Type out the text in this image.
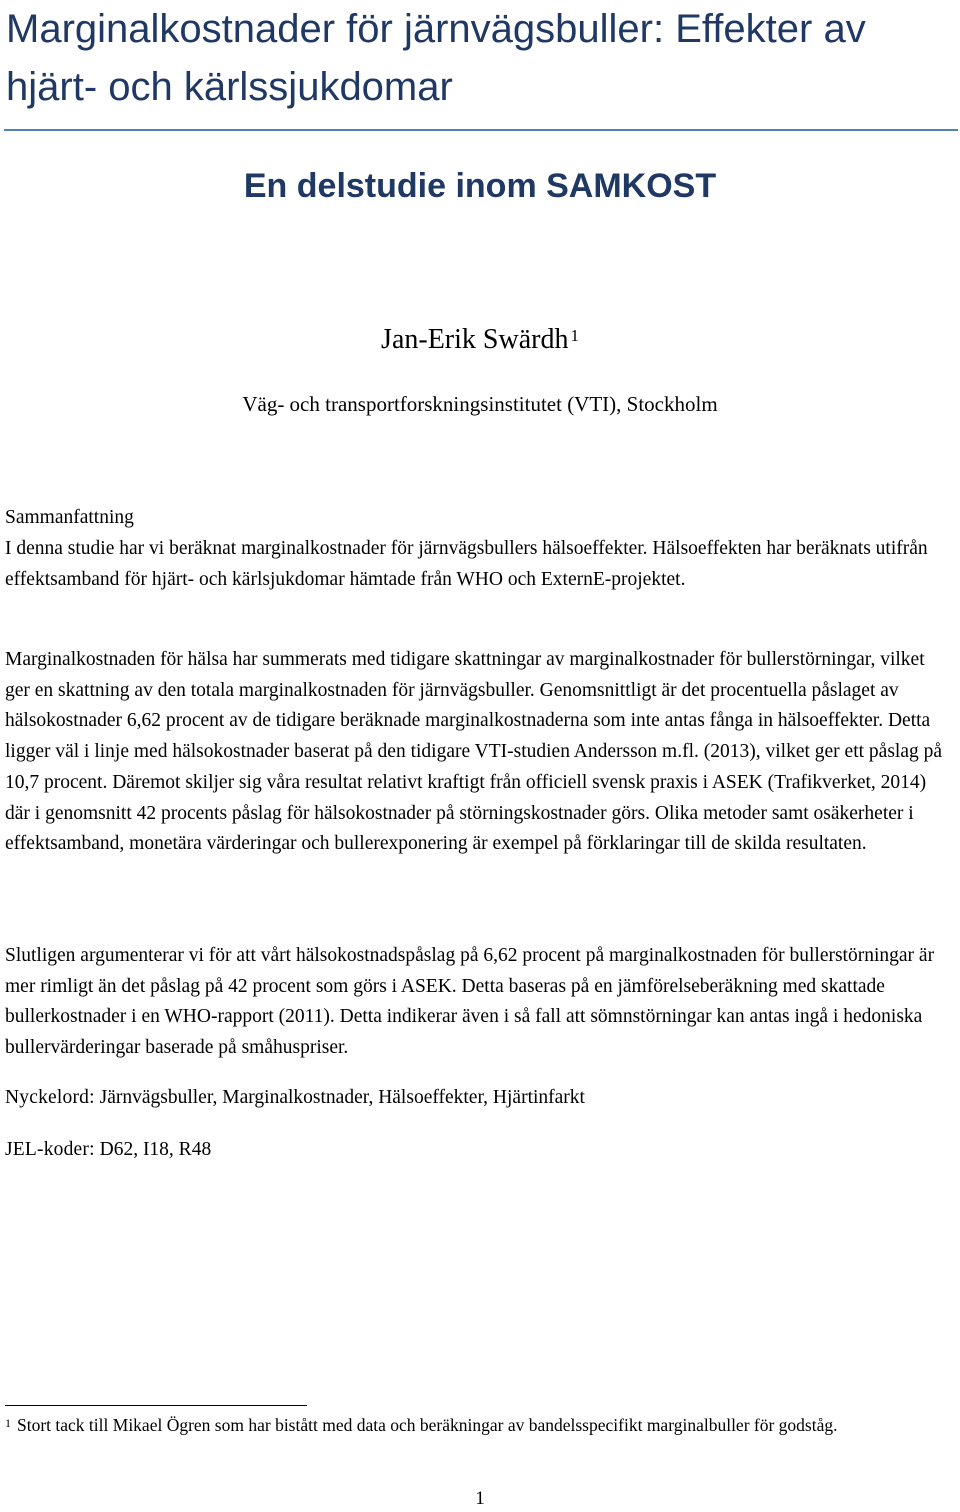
Marginalkostnader för järnvägsbuller: Effekter av hjärt- och kärlssjukdomar
En delstudie inom SAMKOST

Jan-Erik Swärdh $^1$

Väg- och transportforskningsinstitutet (VTI), Stockholm

Sammanfattning

I denna studie har vi beräknat marginalkostnader för järnvägsbullers hälsoeffekter. Hälsoeffekten har beräknats utifrån effektsamband för hjärt- och kärlsjukdomar hämtade från WHO och ExternE-projektet.

Marginalkostnaden för hälsa har summerats med tidigare skattningar av marginalkostnader för bullerstörningar, vilket ger en skattning av den totala marginalkostnaden för järnvägsbuller. Genomsnittligt är det procentuella påslaget av hälsokostnader 6,62 procent av de tidigare beräknade marginalkostnaderna som inte antas fånga in hälsoeffekter. Detta ligger väl i linje med hälsokostnader baserat på den tidigare VTI-studien Andersson m.fl. (2013), vilket ger ett påslag på 10,7 procent. Däremot skiljer sig våra resultat relativt kraftigt från officiell svensk praxis i ASEK (Trafikverket, 2014) där i genomsnitt 42 procents påslag för hälsokostnader på störningskostnader görs. Olika metoder samt osäkerheter i effektsamband, monetära värderingar och bullerexponering är exempel på förklaringar till de skilda resultaten.

Slutligen argumenterar vi för att vårt hälsokostnadspåslag på 6,62 procent på marginalkostnaden för bullerstörningar är mer rimligt än det påslag på 42 procent som görs i ASEK. Detta baseras på en jämförelseberäkning med skattade bullerkostnader i en WHO-rapport (2011). Detta indikerar även i så fall att sömnstörningar kan antas ingå i hedoniska bullervärderingar baserade på småhuspriser.

Nyckelord: Järnvägsbuller, Marginalkostnader, Hälsoeffekter, Hjärtinfarkt

JEL-koder: D62, I18, R48

$^1$ Stort tack till Mikael Ögren som har bistått med data och beräkningar av bandelsspecifikt marginalbuller för godståg.

1
